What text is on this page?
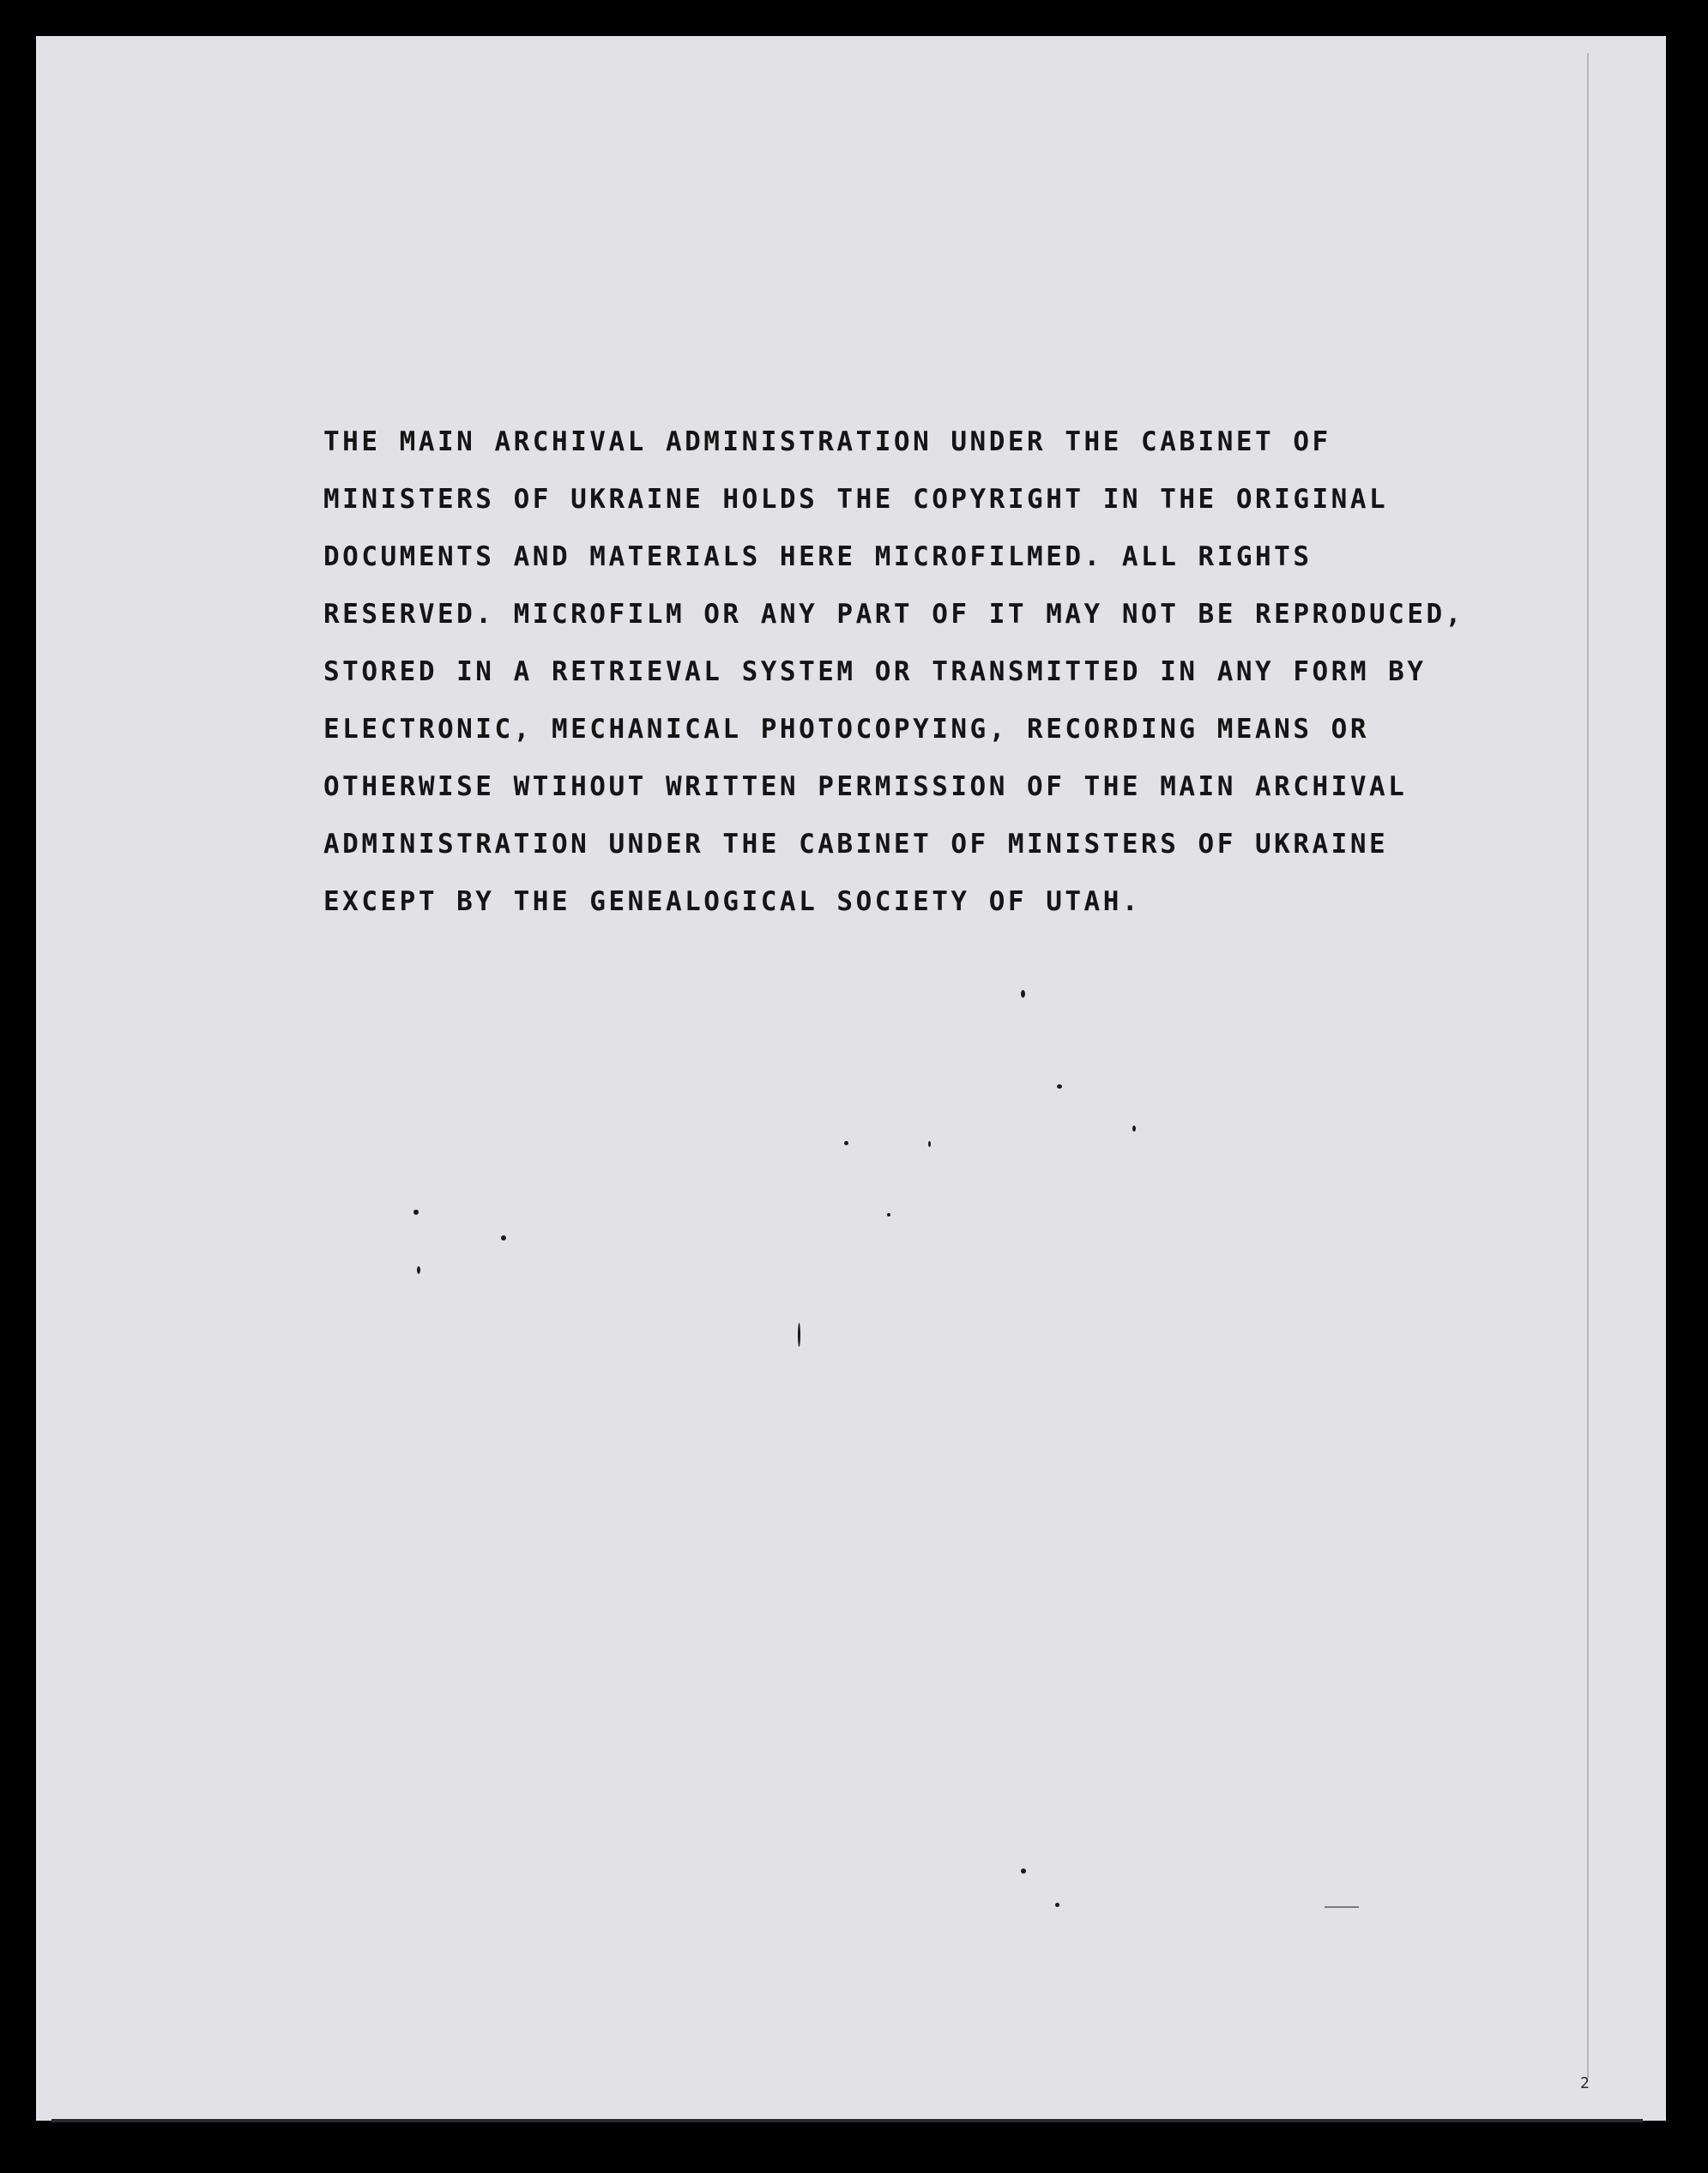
THE MAIN ARCHIVAL ADMINISTRATION UNDER THE CABINET OF
MINISTERS OF UKRAINE HOLDS THE COPYRIGHT IN THE ORIGINAL
DOCUMENTS AND MATERIALS HERE MICROFILMED. ALL RIGHTS
RESERVED. MICROFILM OR ANY PART OF IT MAY NOT BE REPRODUCED,
STORED IN A RETRIEVAL SYSTEM OR TRANSMITTED IN ANY FORM BY
ELECTRONIC, MECHANICAL PHOTOCOPYING, RECORDING MEANS OR
OTHERWISE WTIHOUT WRITTEN PERMISSION OF THE MAIN ARCHIVAL
ADMINISTRATION UNDER THE CABINET OF MINISTERS OF UKRAINE
EXCEPT BY THE GENEALOGICAL SOCIETY OF UTAH.
2
